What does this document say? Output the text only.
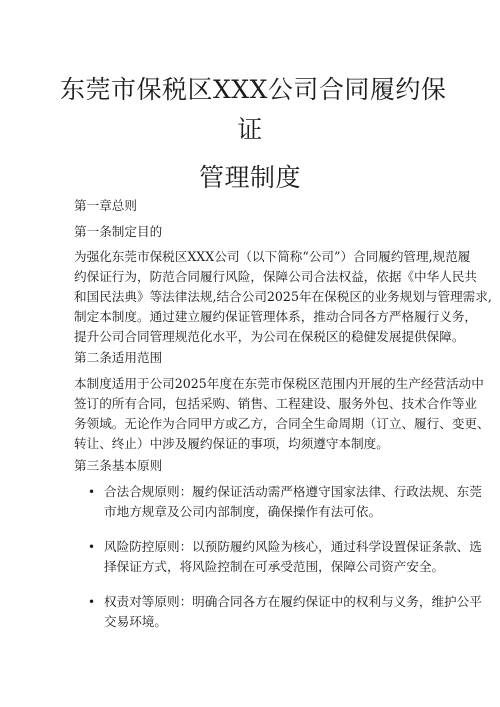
东莞市保税区XXX公司合同履约保
证
管理制度
第一章总则
第一条制定目的
为强化东莞市保税区XXX公司（以下简称“公司”）合同履约管理,规范履
约保证行为，防范合同履行风险，保障公司合法权益，依据《中华人民共
和国民法典》等法律法规,结合公司2025年在保税区的业务规划与管理需求,
制定本制度。通过建立履约保证管理体系，推动合同各方严格履行义务，
提升公司合同管理规范化水平，为公司在保税区的稳健发展提供保障。
第二条适用范围
本制度适用于公司2025年度在东莞市保税区范围内开展的生产经营活动中
签订的所有合同，包括采购、销售、工程建设、服务外包、技术合作等业
务领域。无论作为合同甲方或乙方，合同全生命周期（订立、履行、变更、
转让、终止）中涉及履约保证的事项，均须遵守本制度。
第三条基本原则
• 合法合规原则：履约保证活动需严格遵守国家法律、行政法规、东莞
市地方规章及公司内部制度，确保操作有法可依。
• 风险防控原则：以预防履约风险为核心，通过科学设置保证条款、选
择保证方式，将风险控制在可承受范围，保障公司资产安全。
• 权责对等原则：明确合同各方在履约保证中的权利与义务，维护公平
交易环境。
